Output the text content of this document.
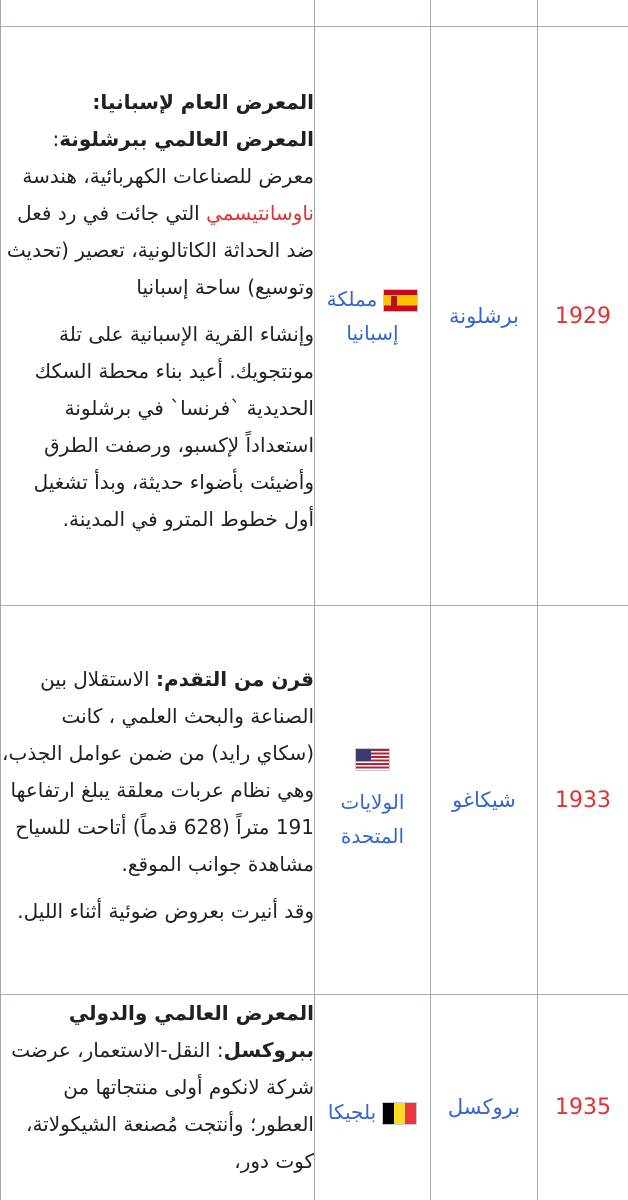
1929	برشلونة	مملكة إسبانيا	المعرض العام لإسبانيا:
المعرض العالمي ببرشلونة: معرض للصناعات الكهربائية، هندسة ناوسانتيسمي التي جائت في رد فعل ضد الحداثة الكاتالونية، تعصير (تحديث وتوسيع) ساحة إسبانيا

وإنشاء القرية الإسبانية على تلة مونتجويك. أعيد بناء محطة السكك الحديدية `فرنسا` في برشلونة استعداداً لإكسبو، ورصفت الطرق وأضيئت بأضواء حديثة، وبدأ تشغيل أول خطوط المترو في المدينة.

1933	شيكاغو	الولايات المتحدة	قرن من التقدم: الاستقلال بين الصناعة والبحث العلمي ، كانت (سكاي رايد) من ضمن عوامل الجذب، وهي نظام عربات معلقة يبلغ ارتفاعها 191 متراً (628 قدماً) أتاحت للسياح مشاهدة جوانب الموقع.

وقد أنيرت بعروض ضوئية أثناء الليل.

1935	بروكسل	بلجيكا	المعرض العالمي والدولي ببروكسل: النقل-الاستعمار، عرضت شركة لانكوم أولى منتجاتها من العطور؛ وأنتجت مُصنعة الشيكولاتة، كوت دور،
